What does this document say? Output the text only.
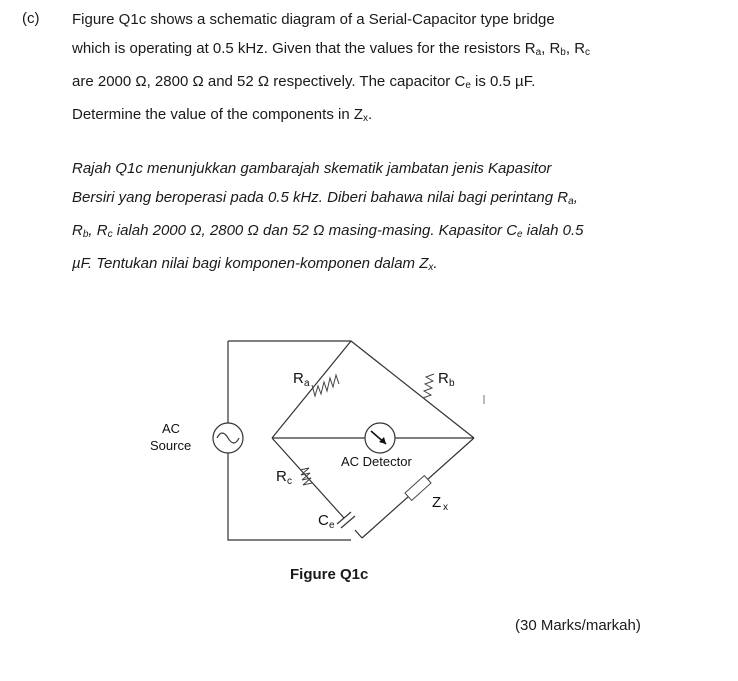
(c) Figure Q1c shows a schematic diagram of a Serial-Capacitor type bridge

which is operating at 0.5 kHz. Given that the values for the resistors $R_a$, $R_b$, $R_c$

are 2000 Ω, 2800 Ω and 52 Ω respectively. The capacitor $C_e$ is 0.5 µF.

Determine the value of the components in $Z_x$.

Rajah Q1c menunjukkan gambarajah skematik jambatan jenis Kapasitor

Bersiri yang beroperasi pada 0.5 kHz. Diberi bahawa nilai bagi perintang $R_a$,

$R_b$, $R_c$ ialah 2000 Ω, 2800 Ω dan 52 Ω masing-masing. Kapasitor $C_e$ ialah 0.5

µF. Tentukan nilai bagi komponen-komponen dalam $Z_x$.

AC
Source
R a	R b
R c
C e
Z x
AC Detector
Figure Q1c
(30 Marks/markah)
